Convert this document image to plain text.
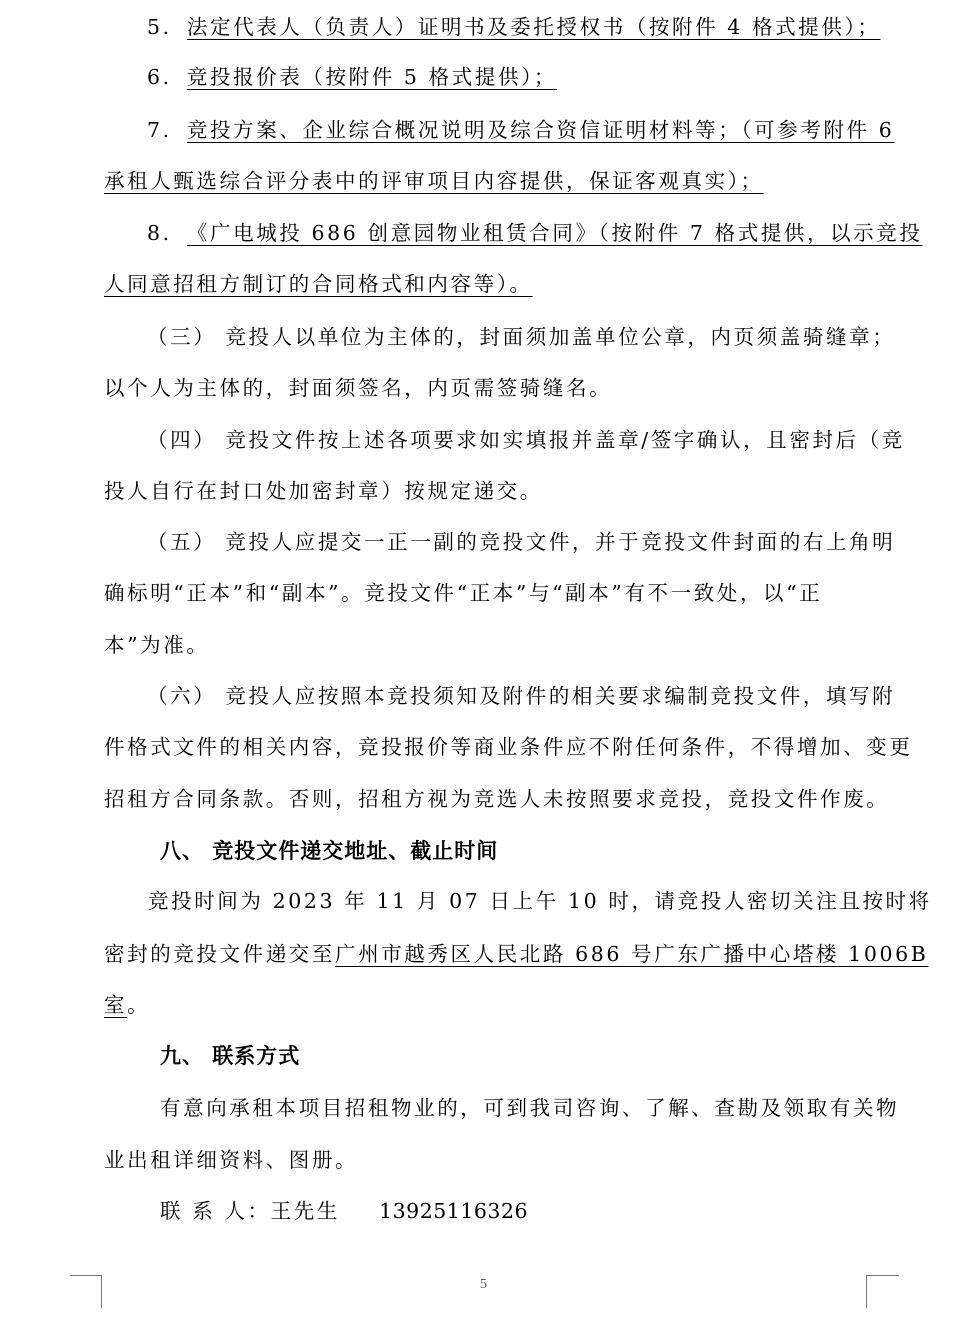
5. 法定代表人（负责人）证明书及委托授权书（按附件 4 格式提供）；
6. 竞投报价表（按附件 5 格式提供）；
7. 竞投方案、企业综合概况说明及综合资信证明材料等；（可参考附件 6
承租人甄选综合评分表中的评审项目内容提供，保证客观真实）；
8. 《广电城投 686 创意园物业租赁合同》（按附件 7 格式提供，以示竞投
人同意招租方制订的合同格式和内容等）。
（三） 竞投人以单位为主体的，封面须加盖单位公章，内页须盖骑缝章；
以个人为主体的，封面须签名，内页需签骑缝名。
（四） 竞投文件按上述各项要求如实填报并盖章/签字确认，且密封后（竞
投人自行在封口处加密封章）按规定递交。
（五） 竞投人应提交一正一副的竞投文件，并于竞投文件封面的右上角明
确标明“正本”和“副本”。竞投文件“正本”与“副本”有不一致处，以“正
本”为准。
（六） 竞投人应按照本竞投须知及附件的相关要求编制竞投文件，填写附
件格式文件的相关内容，竞投报价等商业条件应不附任何条件，不得增加、变更
招租方合同条款。否则，招租方视为竞选人未按照要求竞投，竞投文件作废。
八、 竞投文件递交地址、截止时间
竞投时间为 2023 年 11 月 07 日上午 10 时，请竞投人密切关注且按时将
密封的竞投文件递交至广州市越秀区人民北路 686 号广东广播中心塔楼 1006B
室。
九、 联系方式
有意向承租本项目招租物业的，可到我司咨询、了解、查勘及领取有关物
业出租详细资料、图册。
联 系 人：王先生 13925116326
5
